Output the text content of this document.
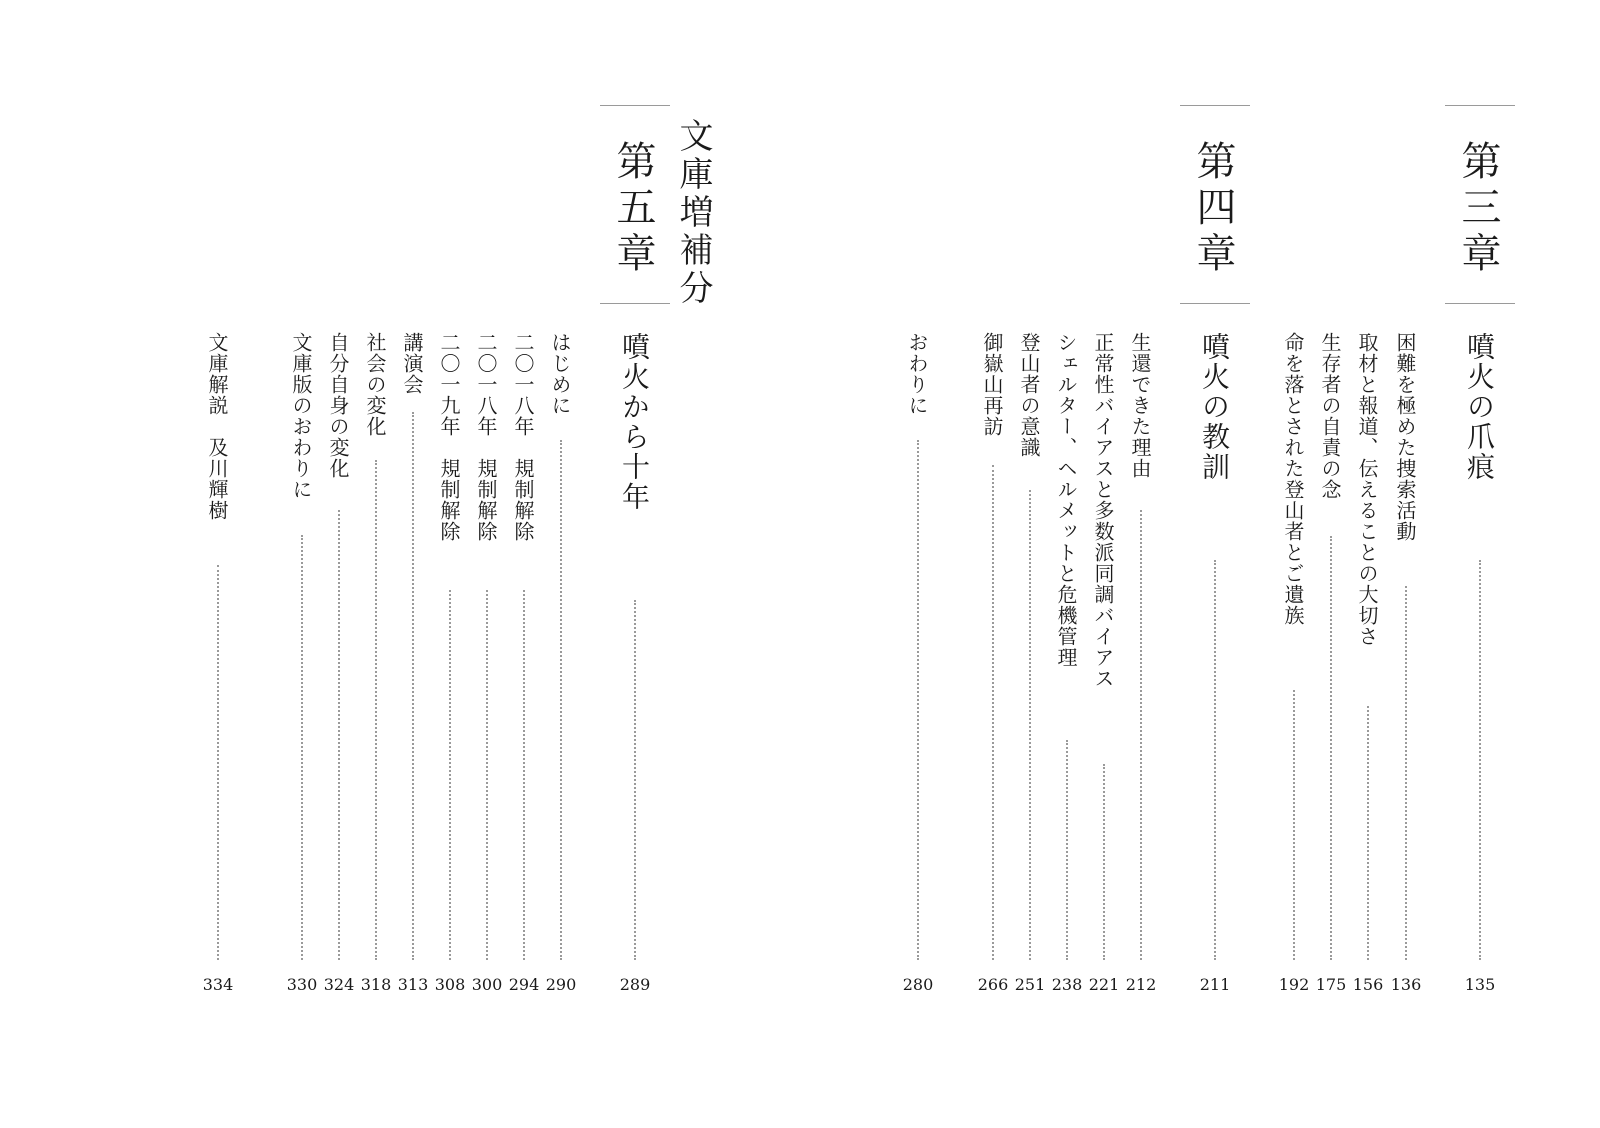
第三章
噴火の爪痕
135
困難を極めた捜索活動
136
取材と報道、伝えることの大切さ
156
生存者の自責の念
175
命を落とされた登山者とご遺族
192
第四章
噴火の教訓
211
生還できた理由
212
正常性バイアスと多数派同調バイアス
221
シェルター、ヘルメットと危機管理
238
登山者の意識
251
御嶽山再訪
266
おわりに
280
文庫増補分
第五章
噴火から十年
289
はじめに
290
二〇一八年　規制解除
294
二〇一八年　規制解除
300
二〇一九年　規制解除
308
講演会
313
社会の変化
318
自分自身の変化
324
文庫版のおわりに
330
文庫解説　及川輝樹
334
